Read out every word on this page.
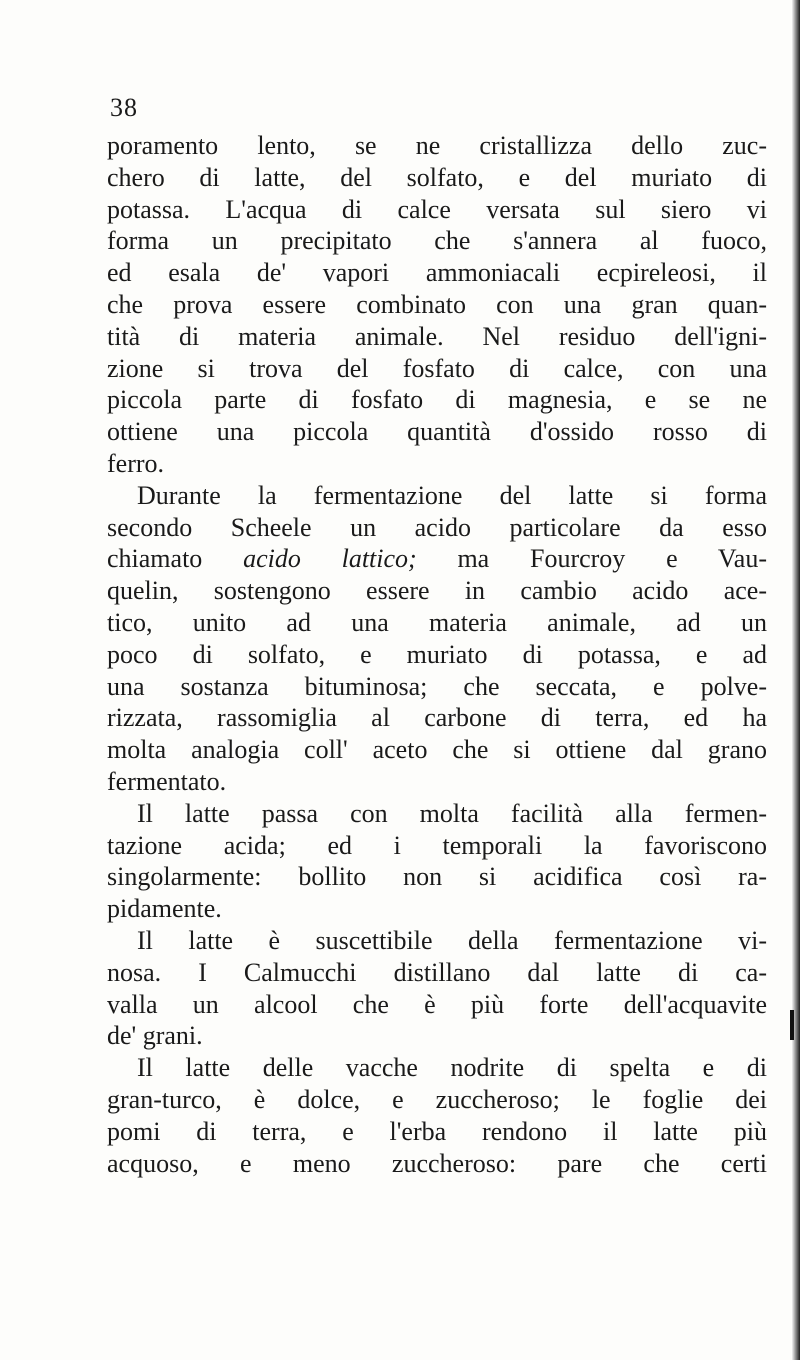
38
poramento lento, se ne cristallizza dello zuc-
chero di latte, del solfato, e del muriato di
potassa. L'acqua di calce versata sul siero vi
forma un precipitato che s'annera al fuoco,
ed esala de' vapori ammoniacali ecpireleosi, il
che prova essere combinato con una gran quan-
tità di materia animale. Nel residuo dell'igni-
zione si trova del fosfato di calce, con una
piccola parte di fosfato di magnesia, e se ne
ottiene una piccola quantità d'ossido rosso di
ferro.
Durante la fermentazione del latte si forma
secondo Scheele un acido particolare da esso
chiamato acido lattico; ma Fourcroy e Vau-
quelin, sostengono essere in cambio acido ace-
tico, unito ad una materia animale, ad un
poco di solfato, e muriato di potassa, e ad
una sostanza bituminosa; che seccata, e polve-
rizzata, rassomiglia al carbone di terra, ed ha
molta analogia coll' aceto che si ottiene dal grano
fermentato.
Il latte passa con molta facilità alla fermen-
tazione acida; ed i temporali la favoriscono
singolarmente: bollito non si acidifica così ra-
pidamente.
Il latte è suscettibile della fermentazione vi-
nosa. I Calmucchi distillano dal latte di ca-
valla un alcool che è più forte dell'acquavite
de' grani.
Il latte delle vacche nodrite di spelta e di
gran-turco, è dolce, e zuccheroso; le foglie dei
pomi di terra, e l'erba rendono il latte più
acquoso, e meno zuccheroso: pare che certi
